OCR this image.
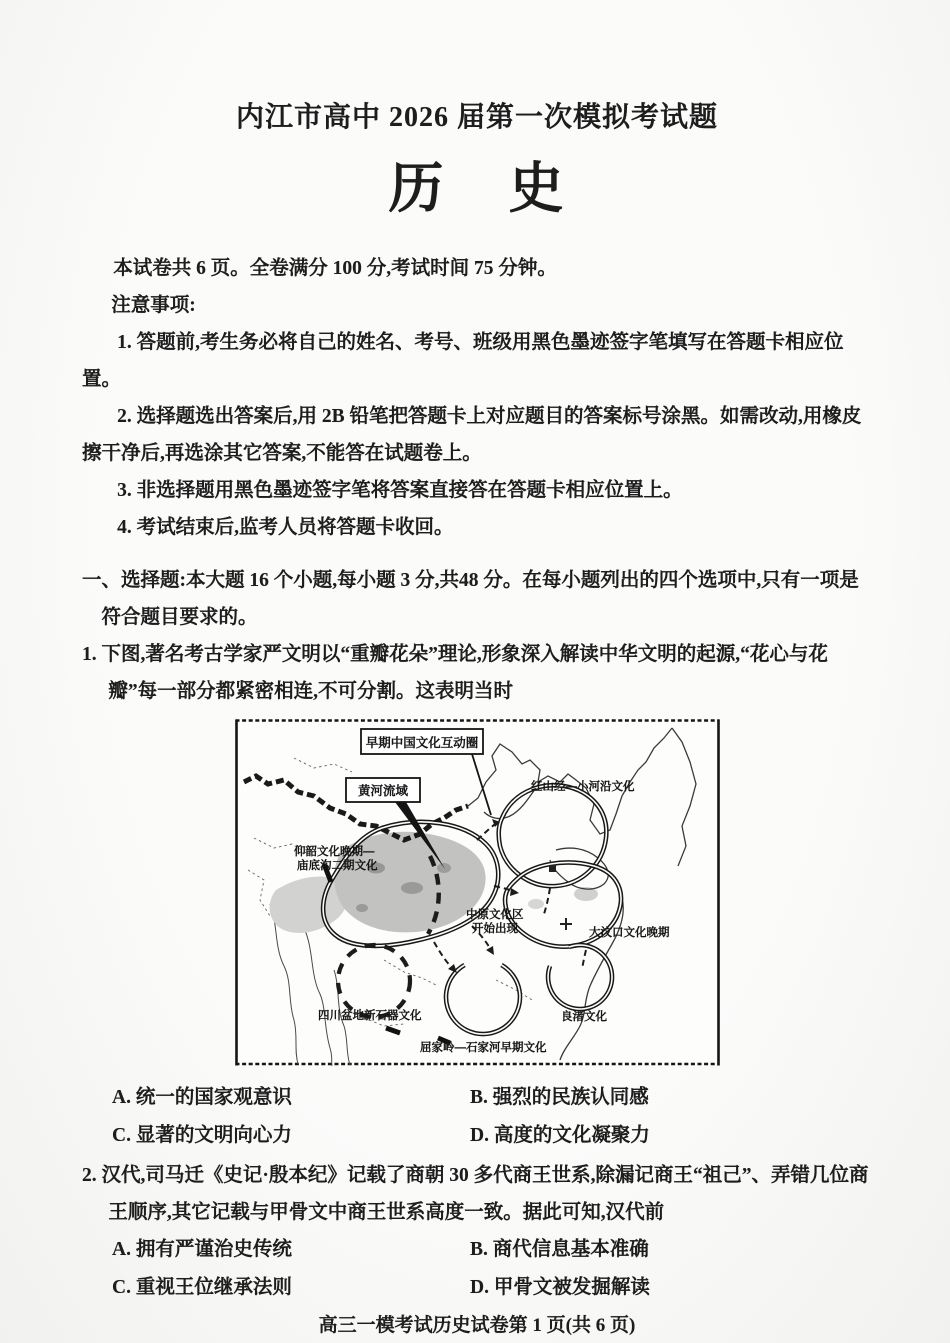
内江市高中 2026 届第一次模拟考试题
历    史

本试卷共 6 页。全卷满分 100 分,考试时间 75 分钟。

注意事项:

1. 答题前,考生务必将自己的姓名、考号、班级用黑色墨迹签字笔填写在答题卡相应位置。

2. 选择题选出答案后,用 2B 铅笔把答题卡上对应题目的答案标号涂黑。如需改动,用橡皮擦干净后,再选涂其它答案,不能答在试题卷上。

3. 非选择题用黑色墨迹签字笔将答案直接答在答题卡相应位置上。

4. 考试结束后,监考人员将答题卡收回。

一、选择题:本大题 16 个小题,每小题 3 分,共48 分。在每小题列出的四个选项中,只有一项是符合题目要求的。

1. 下图,著名考古学家严文明以“重瓣花朵”理论,形象深入解读中华文明的起源,“花心与花瓣”每一部分都紧密相连,不可分割。这表明当时

早期中国文化互动圈
黄河流域	红山经—小河沿文化
仰韶文化晚期—
庙底沟二期文化
中原文化区
开始出现	大汶口文化晚期
四川盆地新石器文化	良渚文化
屈家岭—石家河早期文化
A. 统一的国家观意识	B. 强烈的民族认同感
C. 显著的文明向心力	D. 高度的文化凝聚力

2. 汉代,司马迁《史记·殷本纪》记载了商朝 30 多代商王世系,除漏记商王“祖己”、弄错几位商王顺序,其它记载与甲骨文中商王世系高度一致。据此可知,汉代前

A. 拥有严谨治史传统	B. 商代信息基本准确
C. 重视王位继承法则	D. 甲骨文被发掘解读
高三一模考试历史试卷第 1 页(共 6 页)
